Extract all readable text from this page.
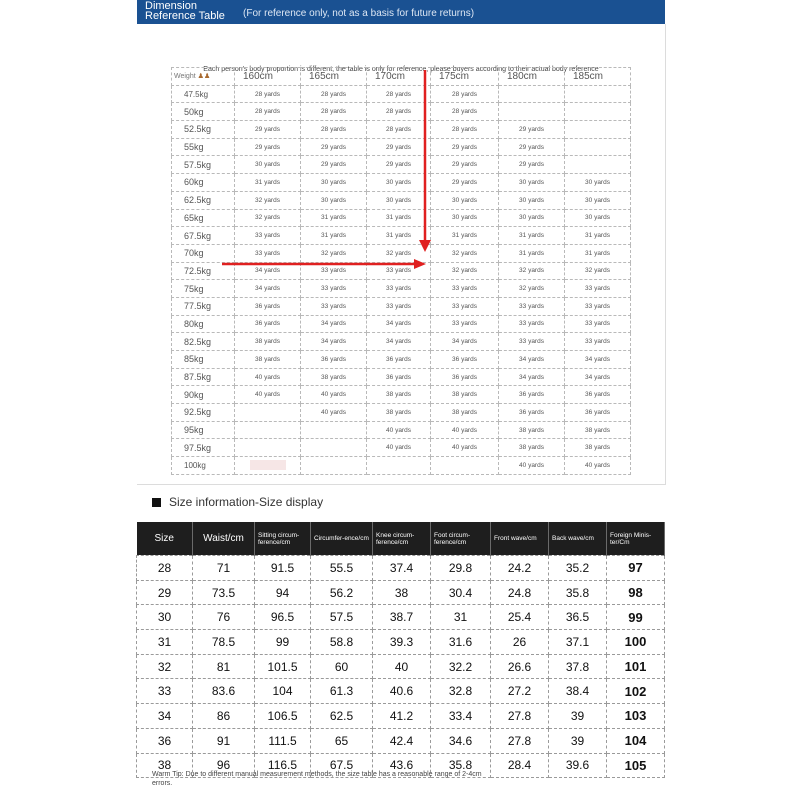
Dimension Reference Table	(For reference only, not as a basis for future returns)
Each person's body proportion is different, the table is only for reference, please buyers according to their actual body reference
Weight ♟♟	160cm	165cm	170cm	175cm	180cm	185cm
47.5kg	28 yards	28 yards	28 yards	28 yards		
50kg	28 yards	28 yards	28 yards	28 yards		
52.5kg	29 yards	28 yards	28 yards	28 yards	29 yards	
55kg	29 yards	29 yards	29 yards	29 yards	29 yards	
57.5kg	30 yards	29 yards	29 yards	29 yards	29 yards	
60kg	31 yards	30 yards	30 yards	29 yards	30 yards	30 yards
62.5kg	32 yards	30 yards	30 yards	30 yards	30 yards	30 yards
65kg	32 yards	31 yards	31 yards	30 yards	30 yards	30 yards
67.5kg	33 yards	31 yards	31 yards	31 yards	31 yards	31 yards
70kg	33 yards	32 yards	32 yards	32 yards	31 yards	31 yards
72.5kg	34 yards	33 yards	33 yards	32 yards	32 yards	32 yards
75kg	34 yards	33 yards	33 yards	33 yards	32 yards	33 yards
77.5kg	36 yards	33 yards	33 yards	33 yards	33 yards	33 yards
80kg	36 yards	34 yards	34 yards	33 yards	33 yards	33 yards
82.5kg	38 yards	34 yards	34 yards	34 yards	33 yards	33 yards
85kg	38 yards	36 yards	36 yards	36 yards	34 yards	34 yards
87.5kg	40 yards	38 yards	36 yards	36 yards	34 yards	34 yards
90kg	40 yards	40 yards	38 yards	38 yards	36 yards	36 yards
92.5kg		40 yards	38 yards	38 yards	36 yards	36 yards
95kg			40 yards	40 yards	38 yards	38 yards
97.5kg			40 yards	40 yards	38 yards	38 yards
100kg					40 yards	40 yards
Size information-Size display
Size	Waist/cm	Sitting circum-ference/cm	Circumfer-ence/cm	Knee circum-ference/cm	Foot circum-ference/cm	Front wave/cm	Back wave/cm	Foreign Minis-ter/Cm
28	71	91.5	55.5	37.4	29.8	24.2	35.2	97
29	73.5	94	56.2	38	30.4	24.8	35.8	98
30	76	96.5	57.5	38.7	31	25.4	36.5	99
31	78.5	99	58.8	39.3	31.6	26	37.1	100
32	81	101.5	60	40	32.2	26.6	37.8	101
33	83.6	104	61.3	40.6	32.8	27.2	38.4	102
34	86	106.5	62.5	41.2	33.4	27.8	39	103
36	91	111.5	65	42.4	34.6	27.8	39	104
38	96	116.5	67.5	43.6	35.8	28.4	39.6	105
Warm Tip: Due to different manual measurement methods, the size table has a reasonable range of 2-4cm errors.
